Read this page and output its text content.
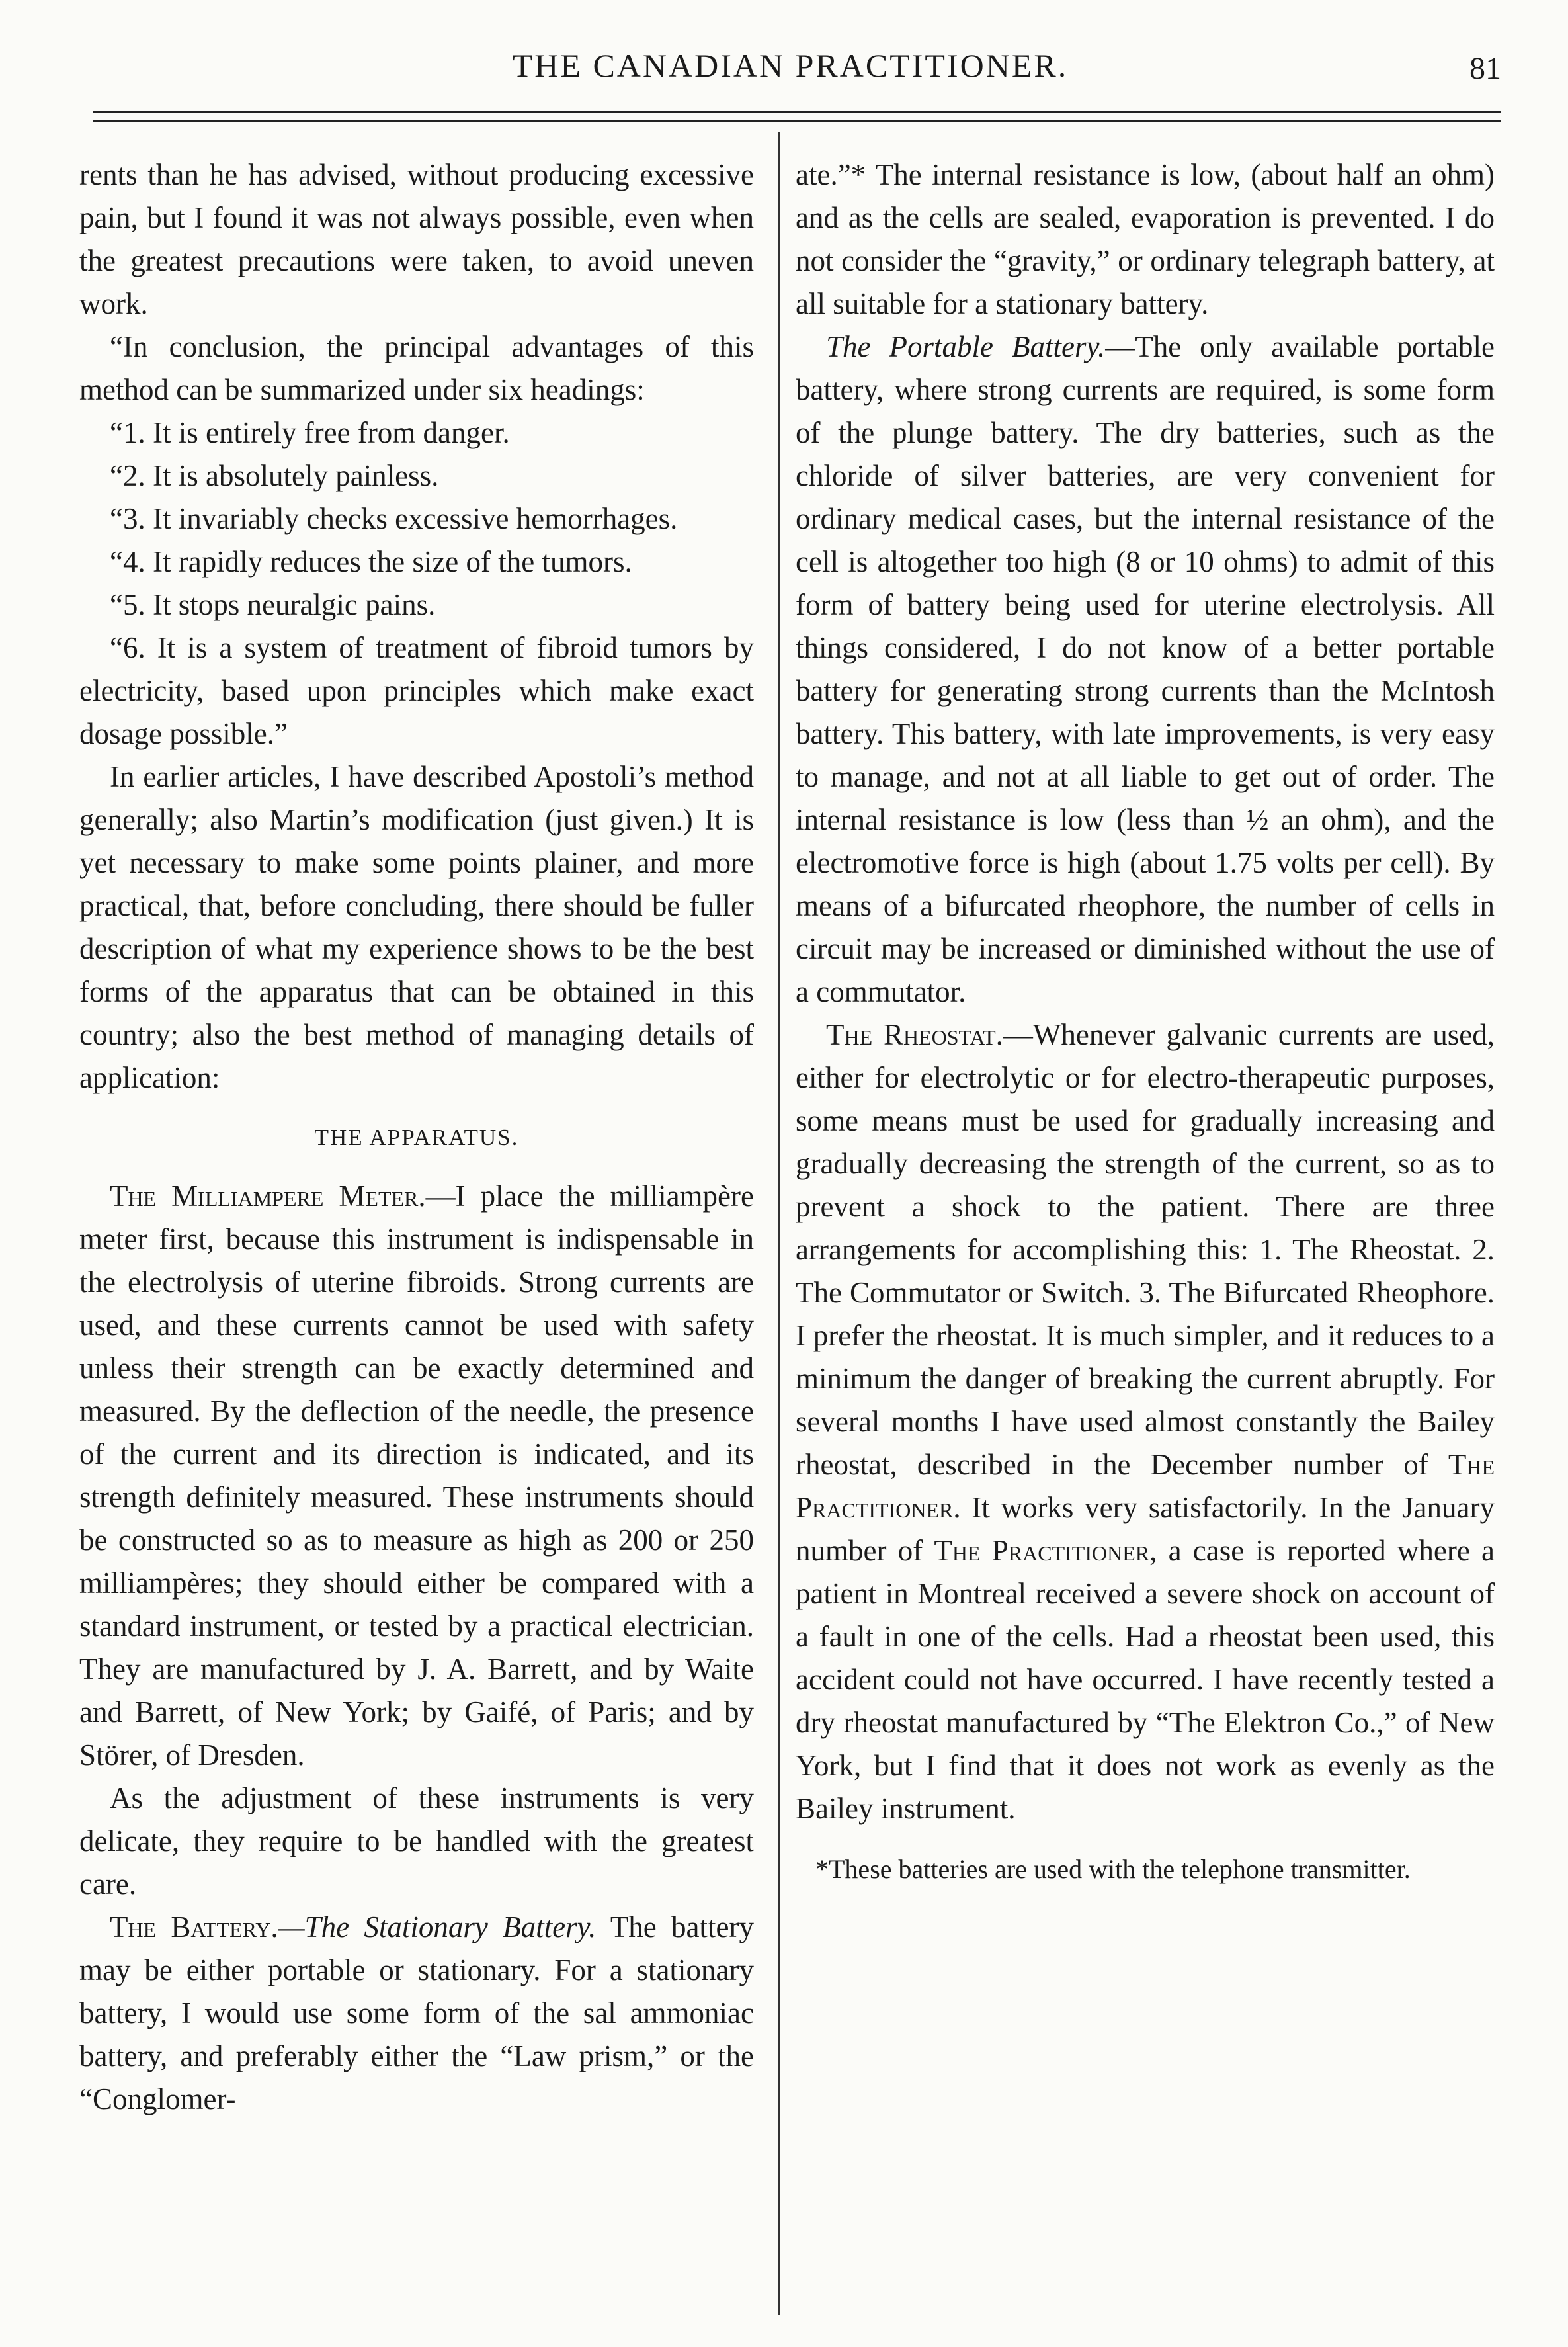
THE CANADIAN PRACTITIONER.	81

rents than he has advised, without producing excessive pain, but I found it was not always possible, even when the greatest precautions were taken, to avoid uneven work.

“In conclusion, the principal advantages of this method can be summarized under six headings:

“1. It is entirely free from danger.

“2. It is absolutely painless.

“3. It invariably checks excessive hemorrhages.

“4. It rapidly reduces the size of the tumors.

“5. It stops neuralgic pains.

“6. It is a system of treatment of fibroid tumors by electricity, based upon principles which make exact dosage possible.”

In earlier articles, I have described Apostoli’s method generally; also Martin’s modification (just given.) It is yet necessary to make some points plainer, and more practical, that, before concluding, there should be fuller description of what my experience shows to be the best forms of the apparatus that can be obtained in this country; also the best method of managing details of application:

THE APPARATUS.

The Milliampere Meter.—I place the milliampère meter first, because this instrument is indispensable in the electrolysis of uterine fibroids. Strong currents are used, and these currents cannot be used with safety unless their strength can be exactly determined and measured. By the deflection of the needle, the presence of the current and its direction is indicated, and its strength definitely measured. These instruments should be constructed so as to measure as high as 200 or 250 milliampères; they should either be compared with a standard instrument, or tested by a practical electrician. They are manufactured by J. A. Barrett, and by Waite and Barrett, of New York; by Gaifé, of Paris; and by Störer, of Dresden.

As the adjustment of these instruments is very delicate, they require to be handled with the greatest care.

The Battery.—The Stationary Battery. The battery may be either portable or stationary. For a stationary battery, I would use some form of the sal ammoniac battery, and preferably either the “Law prism,” or the “Conglomer-

ate.”* The internal resistance is low, (about half an ohm) and as the cells are sealed, evaporation is prevented. I do not consider the “gravity,” or ordinary telegraph battery, at all suitable for a stationary battery.

The Portable Battery.—The only available portable battery, where strong currents are required, is some form of the plunge battery. The dry batteries, such as the chloride of silver batteries, are very convenient for ordinary medical cases, but the internal resistance of the cell is altogether too high (8 or 10 ohms) to admit of this form of battery being used for uterine electrolysis. All things considered, I do not know of a better portable battery for generating strong currents than the McIntosh battery. This battery, with late improvements, is very easy to manage, and not at all liable to get out of order. The internal resistance is low (less than ½ an ohm), and the electromotive force is high (about 1.75 volts per cell). By means of a bifurcated rheophore, the number of cells in circuit may be increased or diminished without the use of a commutator.

The Rheostat.—Whenever galvanic currents are used, either for electrolytic or for electro-therapeutic purposes, some means must be used for gradually increasing and gradually decreasing the strength of the current, so as to prevent a shock to the patient. There are three arrangements for accomplishing this: 1. The Rheostat. 2. The Commutator or Switch. 3. The Bifurcated Rheophore. I prefer the rheostat. It is much simpler, and it reduces to a minimum the danger of breaking the current abruptly. For several months I have used almost constantly the Bailey rheostat, described in the December number of The Practitioner. It works very satisfactorily. In the January number of The Practitioner, a case is reported where a patient in Montreal received a severe shock on account of a fault in one of the cells. Had a rheostat been used, this accident could not have occurred. I have recently tested a dry rheostat manufactured by “The Elektron Co.,” of New York, but I find that it does not work as evenly as the Bailey instrument.

*These batteries are used with the telephone transmitter.
